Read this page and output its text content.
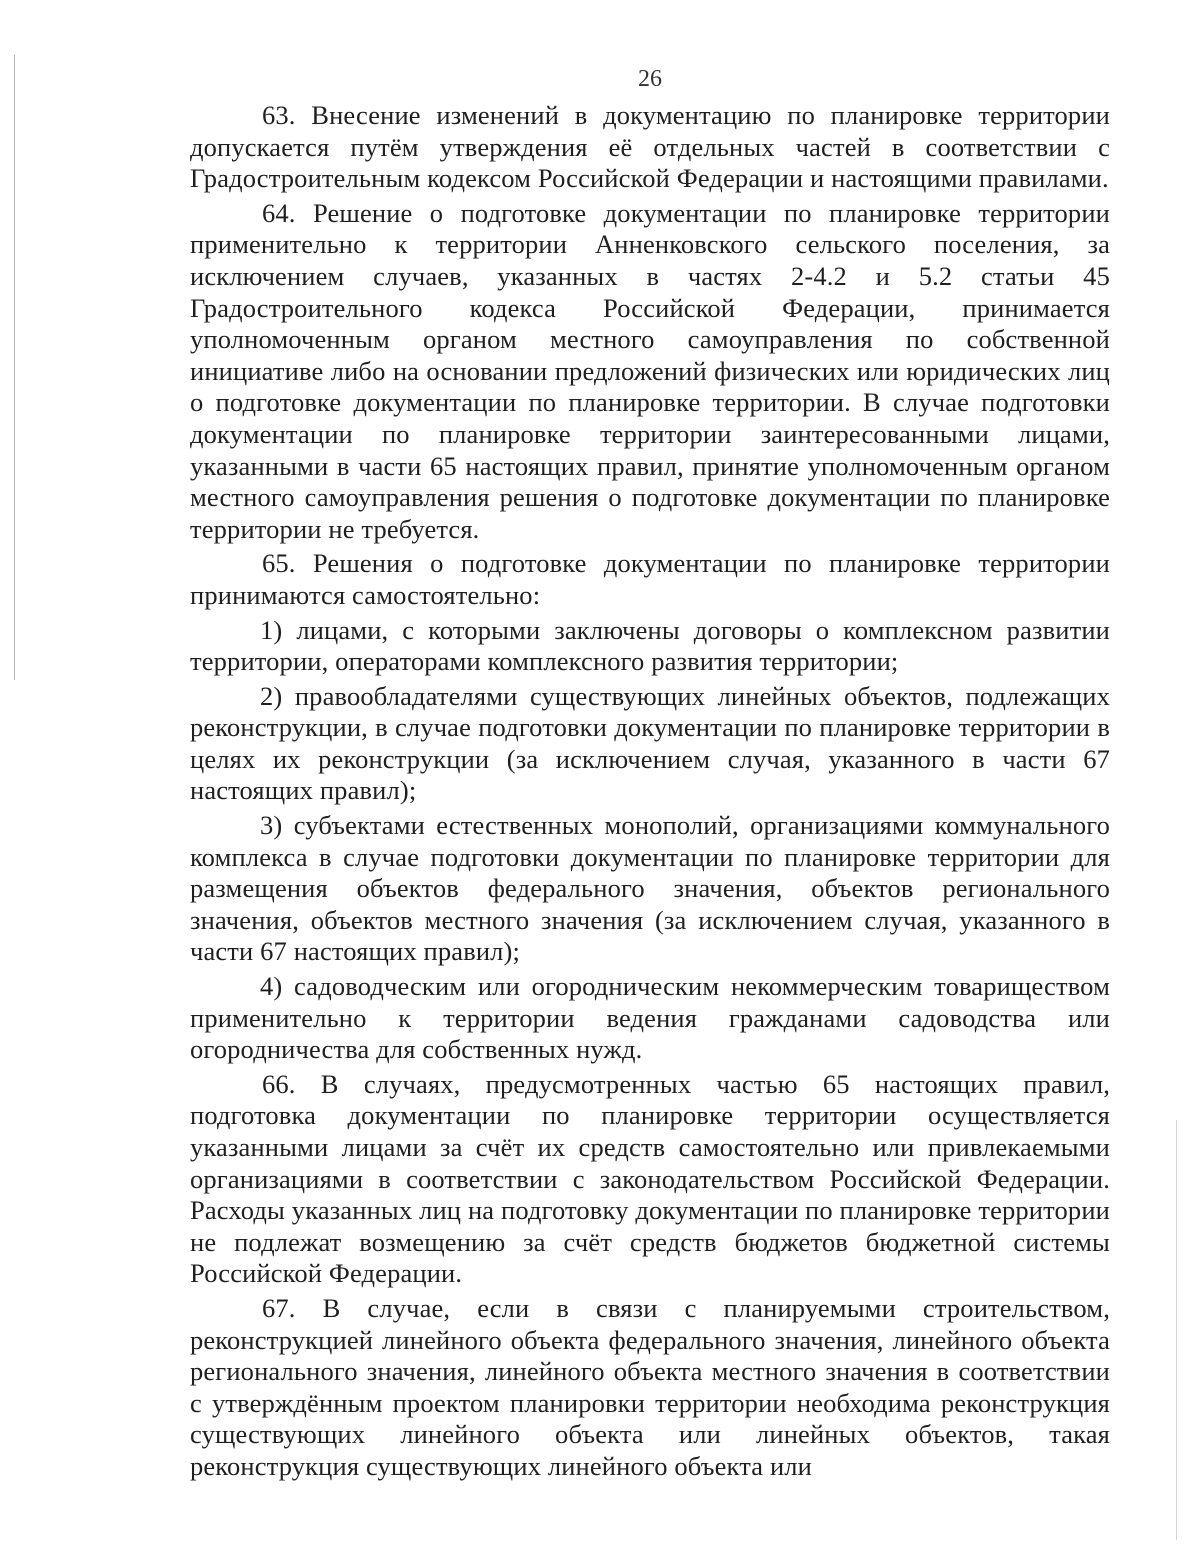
26

63. Внесение изменений в документацию по планировке территории допускается путём утверждения её отдельных частей в соответствии с Градостроительным кодексом Российской Федерации и настоящими правилами.

64. Решение о подготовке документации по планировке территории применительно к территории Анненковского сельского поселения, за исключением случаев, указанных в частях 2-4.2 и 5.2 статьи 45 Градостроительного кодекса Российской Федерации, принимается уполномоченным органом местного самоуправления по собственной инициативе либо на основании предложений физических или юридических лиц о подготовке документации по планировке территории. В случае подготовки документации по планировке территории заинтересованными лицами, указанными в части 65 настоящих правил, принятие уполномоченным органом местного самоуправления решения о подготовке документации по планировке территории не требуется.

65. Решения о подготовке документации по планировке территории принимаются самостоятельно:

1) лицами, с которыми заключены договоры о комплексном развитии территории, операторами комплексного развития территории;

2) правообладателями существующих линейных объектов, подлежащих реконструкции, в случае подготовки документации по планировке территории в целях их реконструкции (за исключением случая, указанного в части 67 настоящих правил);

3) субъектами естественных монополий, организациями коммунального комплекса в случае подготовки документации по планировке территории для размещения объектов федерального значения, объектов регионального значения, объектов местного значения (за исключением случая, указанного в части 67 настоящих правил);

4) садоводческим или огородническим некоммерческим товариществом применительно к территории ведения гражданами садоводства или огородничества для собственных нужд.

66. В случаях, предусмотренных частью 65 настоящих правил, подготовка документации по планировке территории осуществляется указанными лицами за счёт их средств самостоятельно или привлекаемыми организациями в соответствии с законодательством Российской Федерации. Расходы указанных лиц на подготовку документации по планировке территории не подлежат возмещению за счёт средств бюджетов бюджетной системы Российской Федерации.

67. В случае, если в связи с планируемыми строительством, реконструкцией линейного объекта федерального значения, линейного объекта регионального значения, линейного объекта местного значения в соответствии с утверждённым проектом планировки территории необходима реконструкция существующих линейного объекта или линейных объектов, такая реконструкция существующих линейного объекта или
